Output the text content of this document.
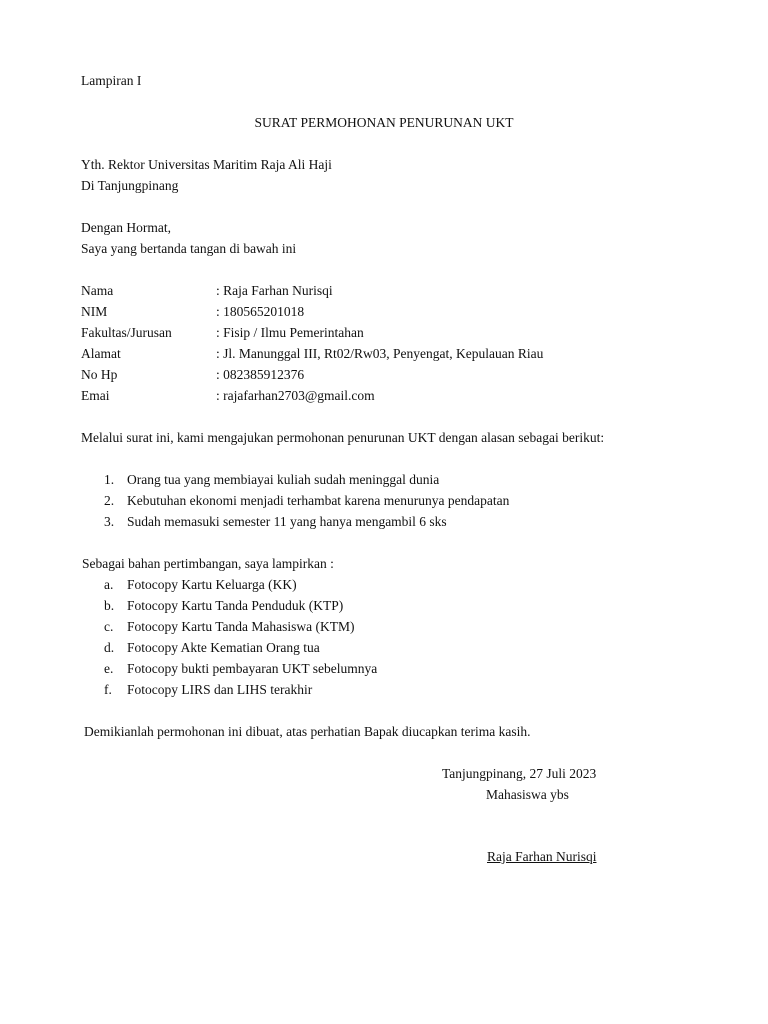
Lampiran I
SURAT PERMOHONAN PENURUNAN UKT
Yth. Rektor Universitas Maritim Raja Ali Haji
Di Tanjungpinang
Dengan Hormat,
Saya yang bertanda tangan di bawah ini
Nama	: Raja Farhan Nurisqi
NIM	: 180565201018
Fakultas/Jurusan	: Fisip / Ilmu Pemerintahan
Alamat	: Jl. Manunggal III, Rt02/Rw03, Penyengat, Kepulauan Riau
No Hp	: 082385912376
Emai	: rajafarhan2703@gmail.com
Melalui surat ini, kami mengajukan permohonan penurunan UKT dengan alasan sebagai berikut:
1. Orang tua yang membiayai kuliah sudah meninggal dunia
2. Kebutuhan ekonomi menjadi terhambat karena menurunya pendapatan
3. Sudah memasuki semester 11 yang hanya mengambil 6 sks
Sebagai bahan pertimbangan, saya lampirkan :
a. Fotocopy Kartu Keluarga (KK)
b. Fotocopy Kartu Tanda Penduduk (KTP)
c. Fotocopy Kartu Tanda Mahasiswa (KTM)
d. Fotocopy Akte Kematian Orang tua
e. Fotocopy bukti pembayaran UKT sebelumnya
f. Fotocopy LIRS dan LIHS terakhir
Demikianlah permohonan ini dibuat, atas perhatian Bapak diucapkan terima kasih.
Tanjungpinang, 27 Juli 2023
Mahasiswa ybs
Raja Farhan Nurisqi
